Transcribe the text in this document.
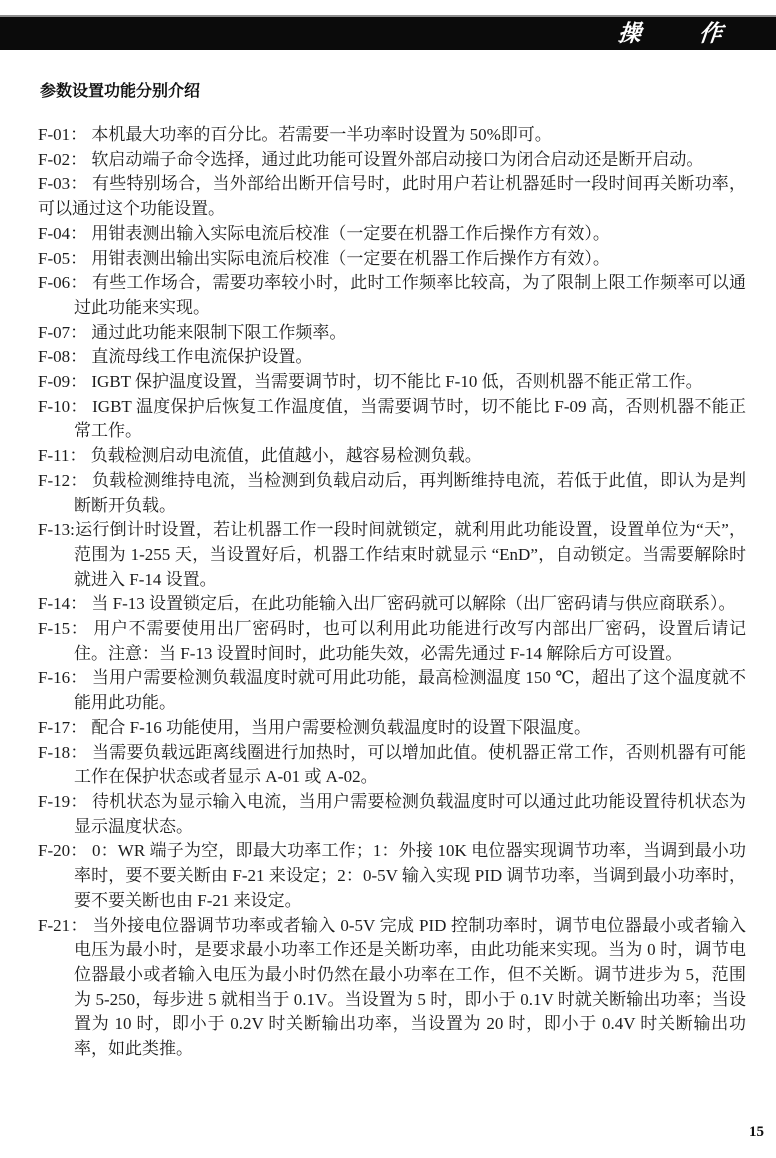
操 作
参数设置功能分别介绍

F-01： 本机最大功率的百分比。若需要一半功率时设置为 50%即可。

F-02： 软启动端子命令选择，通过此功能可设置外部启动接口为闭合启动还是断开启动。

F-03： 有些特别场合，当外部给出断开信号时，此时用户若让机器延时一段时间再关断功率，可以通过这个功能设置。

F-04： 用钳表测出输入实际电流后校准（一定要在机器工作后操作方有效）。

F-05： 用钳表测出输出实际电流后校准（一定要在机器工作后操作方有效）。

F-06： 有些工作场合，需要功率较小时，此时工作频率比较高，为了限制上限工作频率可以通过此功能来实现。

F-07： 通过此功能来限制下限工作频率。

F-08： 直流母线工作电流保护设置。

F-09： IGBT 保护温度设置，当需要调节时，切不能比 F-10 低，否则机器不能正常工作。

F-10： IGBT 温度保护后恢复工作温度值，当需要调节时，切不能比 F-09 高，否则机器不能正常工作。

F-11： 负载检测启动电流值，此值越小，越容易检测负载。

F-12： 负载检测维持电流，当检测到负载启动后，再判断维持电流，若低于此值，即认为是判断断开负载。

F-13:运行倒计时设置，若让机器工作一段时间就锁定，就利用此功能设置，设置单位为“天”，范围为 1-255 天，当设置好后，机器工作结束时就显示 “EnD”，自动锁定。当需要解除时就进入 F-14 设置。

F-14： 当 F-13 设置锁定后，在此功能输入出厂密码就可以解除（出厂密码请与供应商联系）。

F-15： 用户不需要使用出厂密码时，也可以利用此功能进行改写内部出厂密码，设置后请记住。注意：当 F-13 设置时间时，此功能失效，必需先通过 F-14 解除后方可设置。

F-16： 当用户需要检测负载温度时就可用此功能，最高检测温度 150 ℃，超出了这个温度就不能用此功能。

F-17： 配合 F-16 功能使用，当用户需要检测负载温度时的设置下限温度。

F-18： 当需要负载远距离线圈进行加热时，可以增加此值。使机器正常工作，否则机器有可能工作在保护状态或者显示 A-01 或 A-02。

F-19： 待机状态为显示输入电流，当用户需要检测负载温度时可以通过此功能设置待机状态为显示温度状态。

F-20： 0：WR 端子为空，即最大功率工作；1：外接 10K 电位器实现调节功率，当调到最小功率时，要不要关断由 F-21 来设定；2：0-5V 输入实现 PID 调节功率，当调到最小功率时，要不要关断也由 F-21 来设定。

F-21： 当外接电位器调节功率或者输入 0-5V 完成 PID 控制功率时，调节电位器最小或者输入电压为最小时，是要求最小功率工作还是关断功率，由此功能来实现。当为 0 时，调节电位器最小或者输入电压为最小时仍然在最小功率在工作，但不关断。调节进步为 5，范围为 5-250，每步进 5 就相当于 0.1V。当设置为 5 时，即小于 0.1V 时就关断输出功率；当设置为 10 时，即小于 0.2V 时关断输出功率，当设置为 20 时，即小于 0.4V 时关断输出功率，如此类推。

15
